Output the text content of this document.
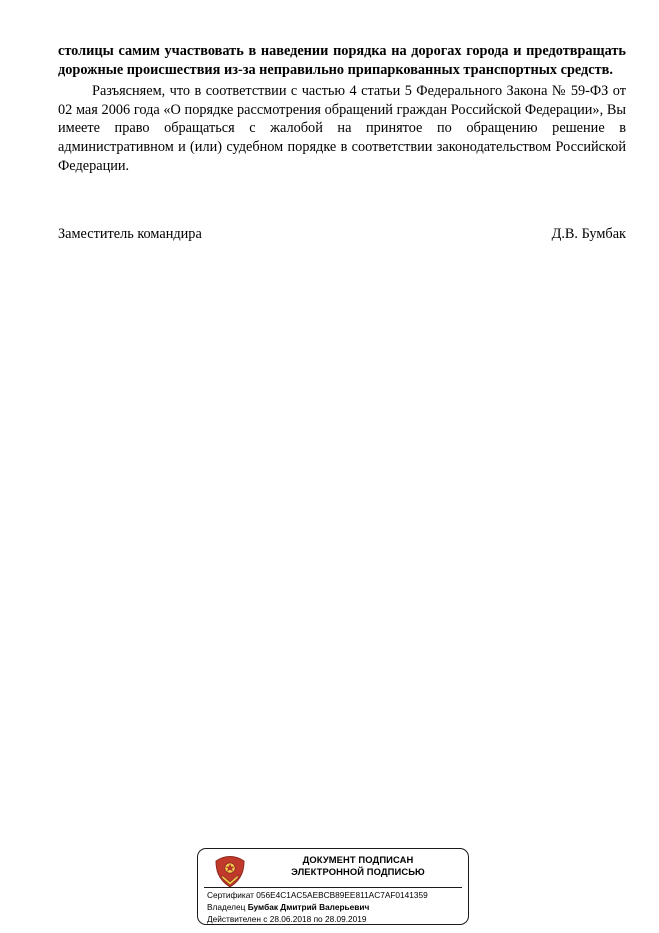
столицы самим участвовать в наведении порядка на дорогах города и предотвращать дорожные происшествия из-за неправильно припаркованных транспортных средств.

Разъясняем, что в соответствии с частью 4 статьи 5 Федерального Закона № 59-ФЗ от 02 мая 2006 года «О порядке рассмотрения обращений граждан Российской Федерации», Вы имеете право обращаться с жалобой на принятое по обращению решение в административном и (или) судебном порядке в соответствии законодательством Российской Федерации.

Заместитель командира	Д.В. Бумбак
ДОКУМЕНТ ПОДПИСАН
ЭЛЕКТРОННОЙ ПОДПИСЬЮ
Сертификат 056E4C1AC5AEBCB89EE811AC7AF0141359
Владелец Бумбак Дмитрий Валерьевич
Действителен с 28.06.2018 по 28.09.2019
